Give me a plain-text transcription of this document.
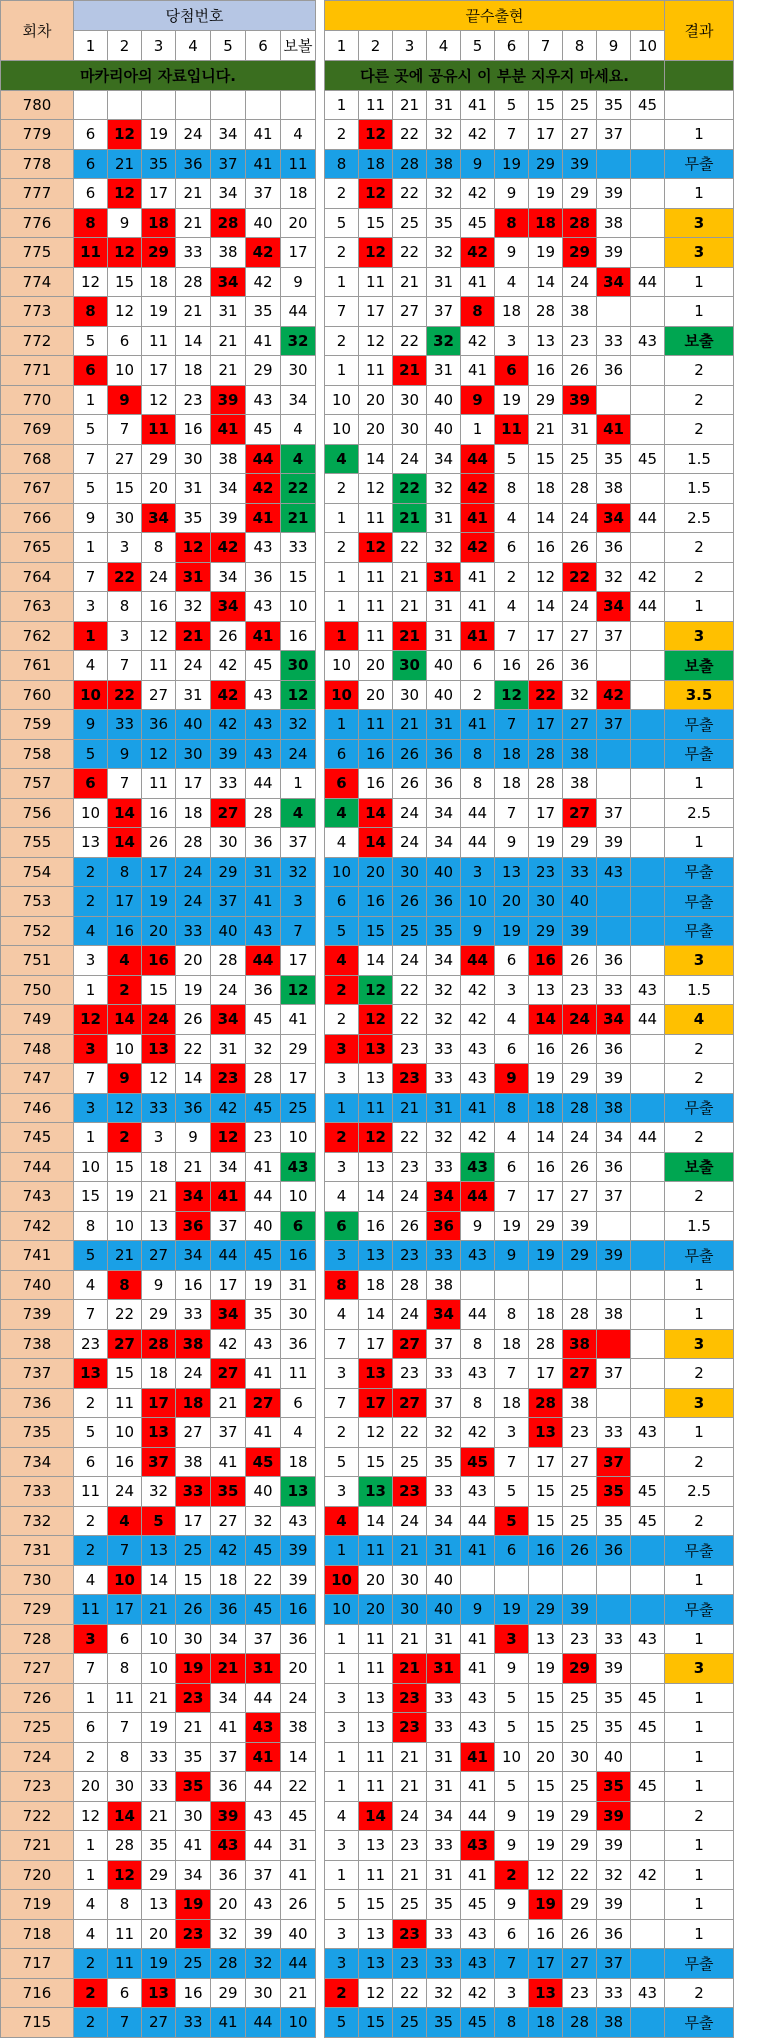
회차	당첨번호								끝수출현										결과
	1	2	3	4	5	6	보볼		1	2	3	4	5	6	7	8	9	10	
마카리아의 자료입니다.									다른 곳에 공유시 이 부분 지우지 마세요.										
780									1	11	21	31	41	5	15	25	35	45	
779	6	12	19	24	34	41	4		2	12	22	32	42	7	17	27	37		1
778	6	21	35	36	37	41	11		8	18	28	38	9	19	29	39			무출
777	6	12	17	21	34	37	18		2	12	22	32	42	9	19	29	39		1
776	8	9	18	21	28	40	20		5	15	25	35	45	8	18	28	38		3
775	11	12	29	33	38	42	17		2	12	22	32	42	9	19	29	39		3
774	12	15	18	28	34	42	9		1	11	21	31	41	4	14	24	34	44	1
773	8	12	19	21	31	35	44		7	17	27	37	8	18	28	38			1
772	5	6	11	14	21	41	32		2	12	22	32	42	3	13	23	33	43	보출
771	6	10	17	18	21	29	30		1	11	21	31	41	6	16	26	36		2
770	1	9	12	23	39	43	34		10	20	30	40	9	19	29	39			2
769	5	7	11	16	41	45	4		10	20	30	40	1	11	21	31	41		2
768	7	27	29	30	38	44	4		4	14	24	34	44	5	15	25	35	45	1.5
767	5	15	20	31	34	42	22		2	12	22	32	42	8	18	28	38		1.5
766	9	30	34	35	39	41	21		1	11	21	31	41	4	14	24	34	44	2.5
765	1	3	8	12	42	43	33		2	12	22	32	42	6	16	26	36		2
764	7	22	24	31	34	36	15		1	11	21	31	41	2	12	22	32	42	2
763	3	8	16	32	34	43	10		1	11	21	31	41	4	14	24	34	44	1
762	1	3	12	21	26	41	16		1	11	21	31	41	7	17	27	37		3
761	4	7	11	24	42	45	30		10	20	30	40	6	16	26	36			보출
760	10	22	27	31	42	43	12		10	20	30	40	2	12	22	32	42		3.5
759	9	33	36	40	42	43	32		1	11	21	31	41	7	17	27	37		무출
758	5	9	12	30	39	43	24		6	16	26	36	8	18	28	38			무출
757	6	7	11	17	33	44	1		6	16	26	36	8	18	28	38			1
756	10	14	16	18	27	28	4		4	14	24	34	44	7	17	27	37		2.5
755	13	14	26	28	30	36	37		4	14	24	34	44	9	19	29	39		1
754	2	8	17	24	29	31	32		10	20	30	40	3	13	23	33	43		무출
753	2	17	19	24	37	41	3		6	16	26	36	10	20	30	40			무출
752	4	16	20	33	40	43	7		5	15	25	35	9	19	29	39			무출
751	3	4	16	20	28	44	17		4	14	24	34	44	6	16	26	36		3
750	1	2	15	19	24	36	12		2	12	22	32	42	3	13	23	33	43	1.5
749	12	14	24	26	34	45	41		2	12	22	32	42	4	14	24	34	44	4
748	3	10	13	22	31	32	29		3	13	23	33	43	6	16	26	36		2
747	7	9	12	14	23	28	17		3	13	23	33	43	9	19	29	39		2
746	3	12	33	36	42	45	25		1	11	21	31	41	8	18	28	38		무출
745	1	2	3	9	12	23	10		2	12	22	32	42	4	14	24	34	44	2
744	10	15	18	21	34	41	43		3	13	23	33	43	6	16	26	36		보출
743	15	19	21	34	41	44	10		4	14	24	34	44	7	17	27	37		2
742	8	10	13	36	37	40	6		6	16	26	36	9	19	29	39			1.5
741	5	21	27	34	44	45	16		3	13	23	33	43	9	19	29	39		무출
740	4	8	9	16	17	19	31		8	18	28	38							1
739	7	22	29	33	34	35	30		4	14	24	34	44	8	18	28	38		1
738	23	27	28	38	42	43	36		7	17	27	37	8	18	28	38			3
737	13	15	18	24	27	41	11		3	13	23	33	43	7	17	27	37		2
736	2	11	17	18	21	27	6		7	17	27	37	8	18	28	38			3
735	5	10	13	27	37	41	4		2	12	22	32	42	3	13	23	33	43	1
734	6	16	37	38	41	45	18		5	15	25	35	45	7	17	27	37		2
733	11	24	32	33	35	40	13		3	13	23	33	43	5	15	25	35	45	2.5
732	2	4	5	17	27	32	43		4	14	24	34	44	5	15	25	35	45	2
731	2	7	13	25	42	45	39		1	11	21	31	41	6	16	26	36		무출
730	4	10	14	15	18	22	39		10	20	30	40							1
729	11	17	21	26	36	45	16		10	20	30	40	9	19	29	39			무출
728	3	6	10	30	34	37	36		1	11	21	31	41	3	13	23	33	43	1
727	7	8	10	19	21	31	20		1	11	21	31	41	9	19	29	39		3
726	1	11	21	23	34	44	24		3	13	23	33	43	5	15	25	35	45	1
725	6	7	19	21	41	43	38		3	13	23	33	43	5	15	25	35	45	1
724	2	8	33	35	37	41	14		1	11	21	31	41	10	20	30	40		1
723	20	30	33	35	36	44	22		1	11	21	31	41	5	15	25	35	45	1
722	12	14	21	30	39	43	45		4	14	24	34	44	9	19	29	39		2
721	1	28	35	41	43	44	31		3	13	23	33	43	9	19	29	39		1
720	1	12	29	34	36	37	41		1	11	21	31	41	2	12	22	32	42	1
719	4	8	13	19	20	43	26		5	15	25	35	45	9	19	29	39		1
718	4	11	20	23	32	39	40		3	13	23	33	43	6	16	26	36		1
717	2	11	19	25	28	32	44		3	13	23	33	43	7	17	27	37		무출
716	2	6	13	16	29	30	21		2	12	22	32	42	3	13	23	33	43	2
715	2	7	27	33	41	44	10		5	15	25	35	45	8	18	28	38		무출
